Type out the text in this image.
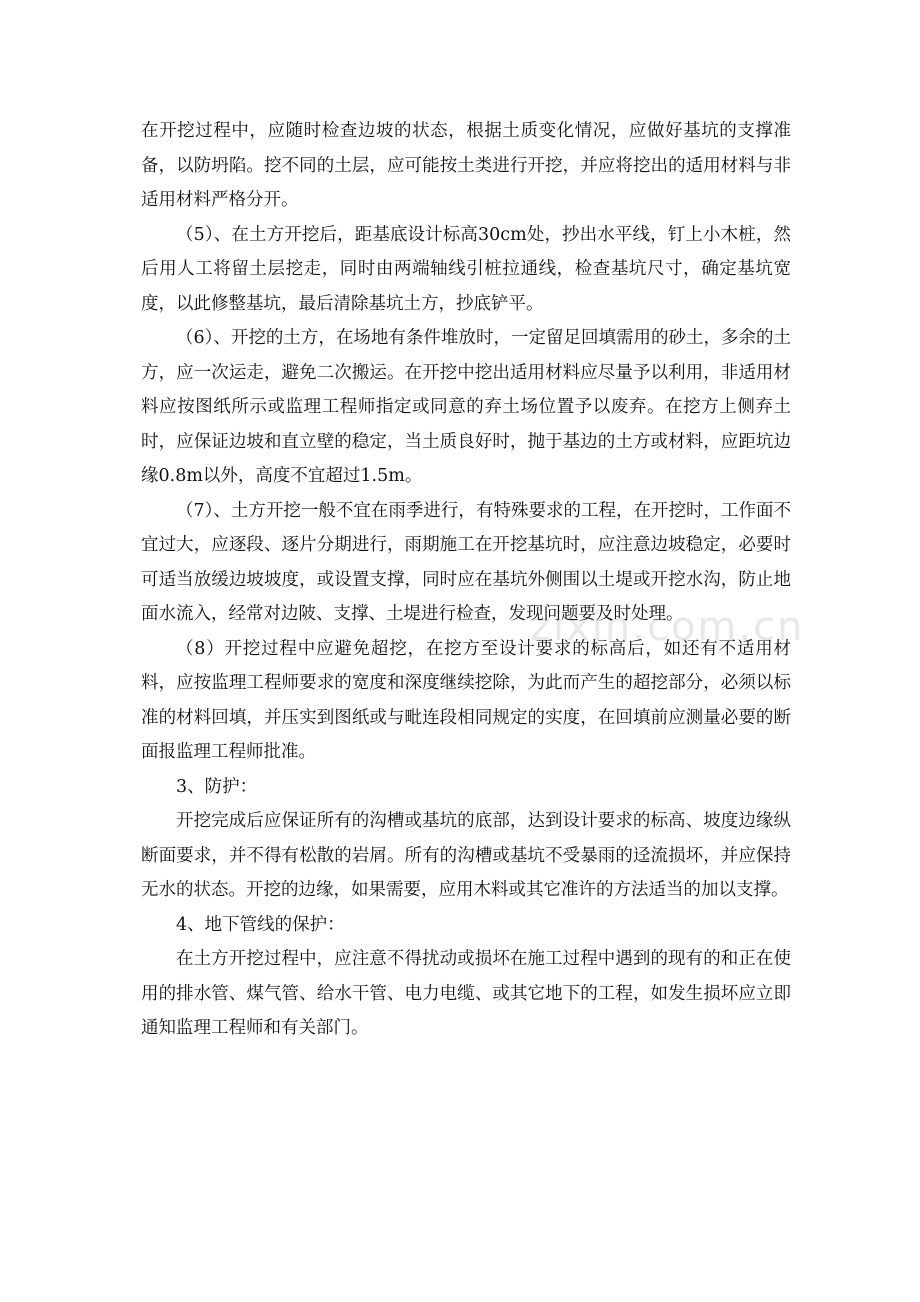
zixin.com.cn

在开挖过程中，应随时检查边坡的状态，根据土质变化情况，应做好基坑的支撑准备，以防坍陷。挖不同的土层，应可能按土类进行开挖，并应将挖出的适用材料与非适用材料严格分开。

（5）、在土方开挖后，距基底设计标高30cm处，抄出水平线，钉上小木桩，然后用人工将留土层挖走，同时由两端轴线引桩拉通线，检查基坑尺寸，确定基坑宽度，以此修整基坑，最后清除基坑土方，抄底铲平。

（6）、开挖的土方，在场地有条件堆放时，一定留足回填需用的砂土，多余的土方，应一次运走，避免二次搬运。在开挖中挖出适用材料应尽量予以利用，非适用材料应按图纸所示或监理工程师指定或同意的弃土场位置予以废弃。在挖方上侧弃土时，应保证边坡和直立壁的稳定，当土质良好时，抛于基边的土方或材料，应距坑边缘0.8m以外，高度不宜超过1.5m。

（7）、土方开挖一般不宜在雨季进行，有特殊要求的工程，在开挖时，工作面不宜过大，应逐段、逐片分期进行，雨期施工在开挖基坑时，应注意边坡稳定，必要时可适当放缓边坡坡度，或设置支撑，同时应在基坑外侧围以土堤或开挖水沟，防止地面水流入，经常对边陂、支撑、土堤进行检查，发现问题要及时处理。

（8）开挖过程中应避免超挖，在挖方至设计要求的标高后，如还有不适用材料，应按监理工程师要求的宽度和深度继续挖除，为此而产生的超挖部分，必须以标准的材料回填，并压实到图纸或与毗连段相同规定的实度，在回填前应测量必要的断面报监理工程师批准。

3、防护：

开挖完成后应保证所有的沟槽或基坑的底部，达到设计要求的标高、坡度边缘纵断面要求，并不得有松散的岩屑。所有的沟槽或基坑不受暴雨的迳流损坏，并应保持无水的状态。开挖的边缘，如果需要，应用木料或其它准许的方法适当的加以支撑。

4、地下管线的保护：

在土方开挖过程中，应注意不得扰动或损坏在施工过程中遇到的现有的和正在使用的排水管、煤气管、给水干管、电力电缆、或其它地下的工程，如发生损坏应立即通知监理工程师和有关部门。
